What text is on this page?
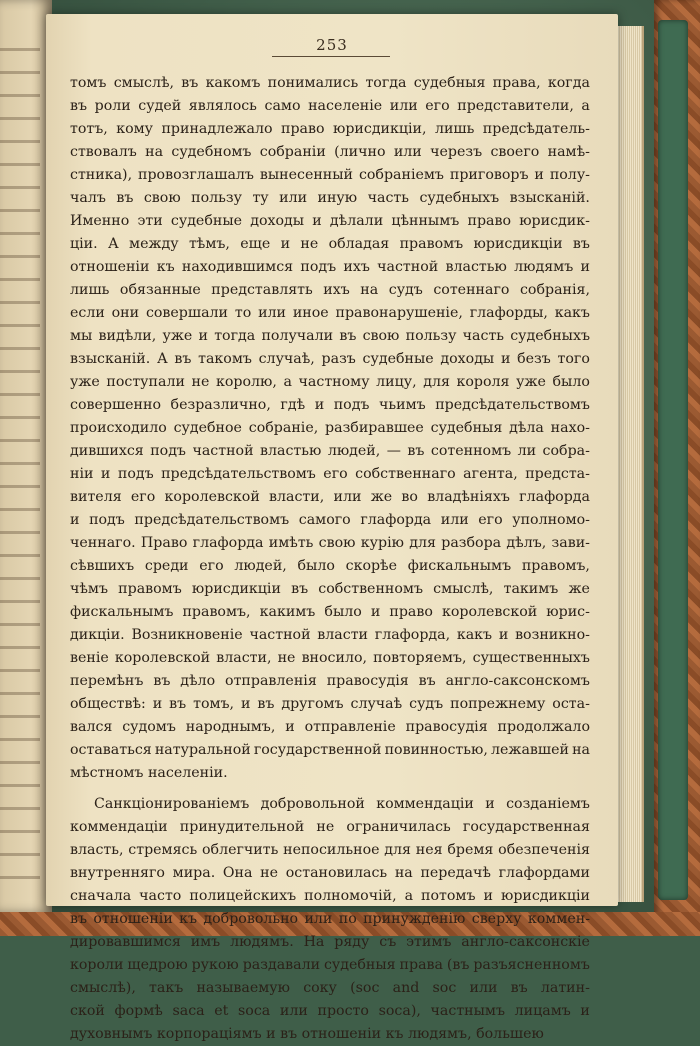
253
томъ смыслѣ, въ какомъ понимались тогда судебныя права, когда
въ роли судей являлось само населеніе или его представители, а
тотъ, кому принадлежало право юрисдикціи, лишь предсѣдатель-
ствовалъ на судебномъ собраніи (лично или черезъ своего намѣ-
стника), провозглашалъ вынесенный собраніемъ приговоръ и полу-
чалъ въ свою пользу ту или иную часть судебныхъ взысканій.
Именно эти судебные доходы и дѣлали цѣннымъ право юрисдик-
ціи. А между тѣмъ, еще и не обладая правомъ юрисдикціи въ
отношеніи къ находившимся подъ ихъ частной властью людямъ и
лишь обязанные представлять ихъ на судъ сотеннаго собранія,
если они совершали то или иное правонарушеніе, глафорды, какъ
мы видѣли, уже и тогда получали въ свою пользу часть судебныхъ
взысканій. А въ такомъ случаѣ, разъ судебные доходы и безъ того
уже поступали не королю, а частному лицу, для короля уже было
совершенно безразлично, гдѣ и подъ чьимъ предсѣдательствомъ
происходило судебное собраніе, разбиравшее судебныя дѣла нахо-
дившихся подъ частной властью людей, — въ сотенномъ ли собра-
ніи и подъ предсѣдательствомъ его собственнаго агента, предста-
вителя его королевской власти, или же во владѣніяхъ глафорда
и подъ предсѣдательствомъ самого глафорда или его уполномо-
ченнаго. Право глафорда имѣть свою курію для разбора дѣлъ, зави-
сѣвшихъ среди его людей, было скорѣе фискальнымъ правомъ,
чѣмъ правомъ юрисдикціи въ собственномъ смыслѣ, такимъ же
фискальнымъ правомъ, какимъ было и право королевской юрис-
дикціи. Возникновеніе частной власти глафорда, какъ и возникно-
веніе королевской власти, не вносило, повторяемъ, существенныхъ
перемѣнъ въ дѣло отправленія правосудія въ англо-саксонскомъ
обществѣ: и въ томъ, и въ другомъ случаѣ судъ попрежнему оста-
вался судомъ народнымъ, и отправленіе правосудія продолжало
оставаться натуральной государственной повинностью, лежавшей на
мѣстномъ населеніи.
Санкціонированіемъ добровольной коммендаціи и созданіемъ
коммендаціи принудительной не ограничилась государственная
власть, стремясь облегчить непосильное для нея бремя обезпеченія
внутренняго мира. Она не остановилась на передачѣ глафордами
сначала часто полицейскихъ полномочій, а потомъ и юрисдикціи
въ отношеніи къ добровольно или по принужденію сверху коммен-
дировавшимся имъ людямъ. На ряду съ этимъ англо-саксонскіе
короли щедрою рукою раздавали судебныя права (въ разъясненномъ
смыслѣ), такъ называемую соку (soc and soc или въ латин-
ской формѣ saca et soca или просто soca), частнымъ лицамъ и
духовнымъ корпораціямъ и въ отношеніи къ людямъ, большею
